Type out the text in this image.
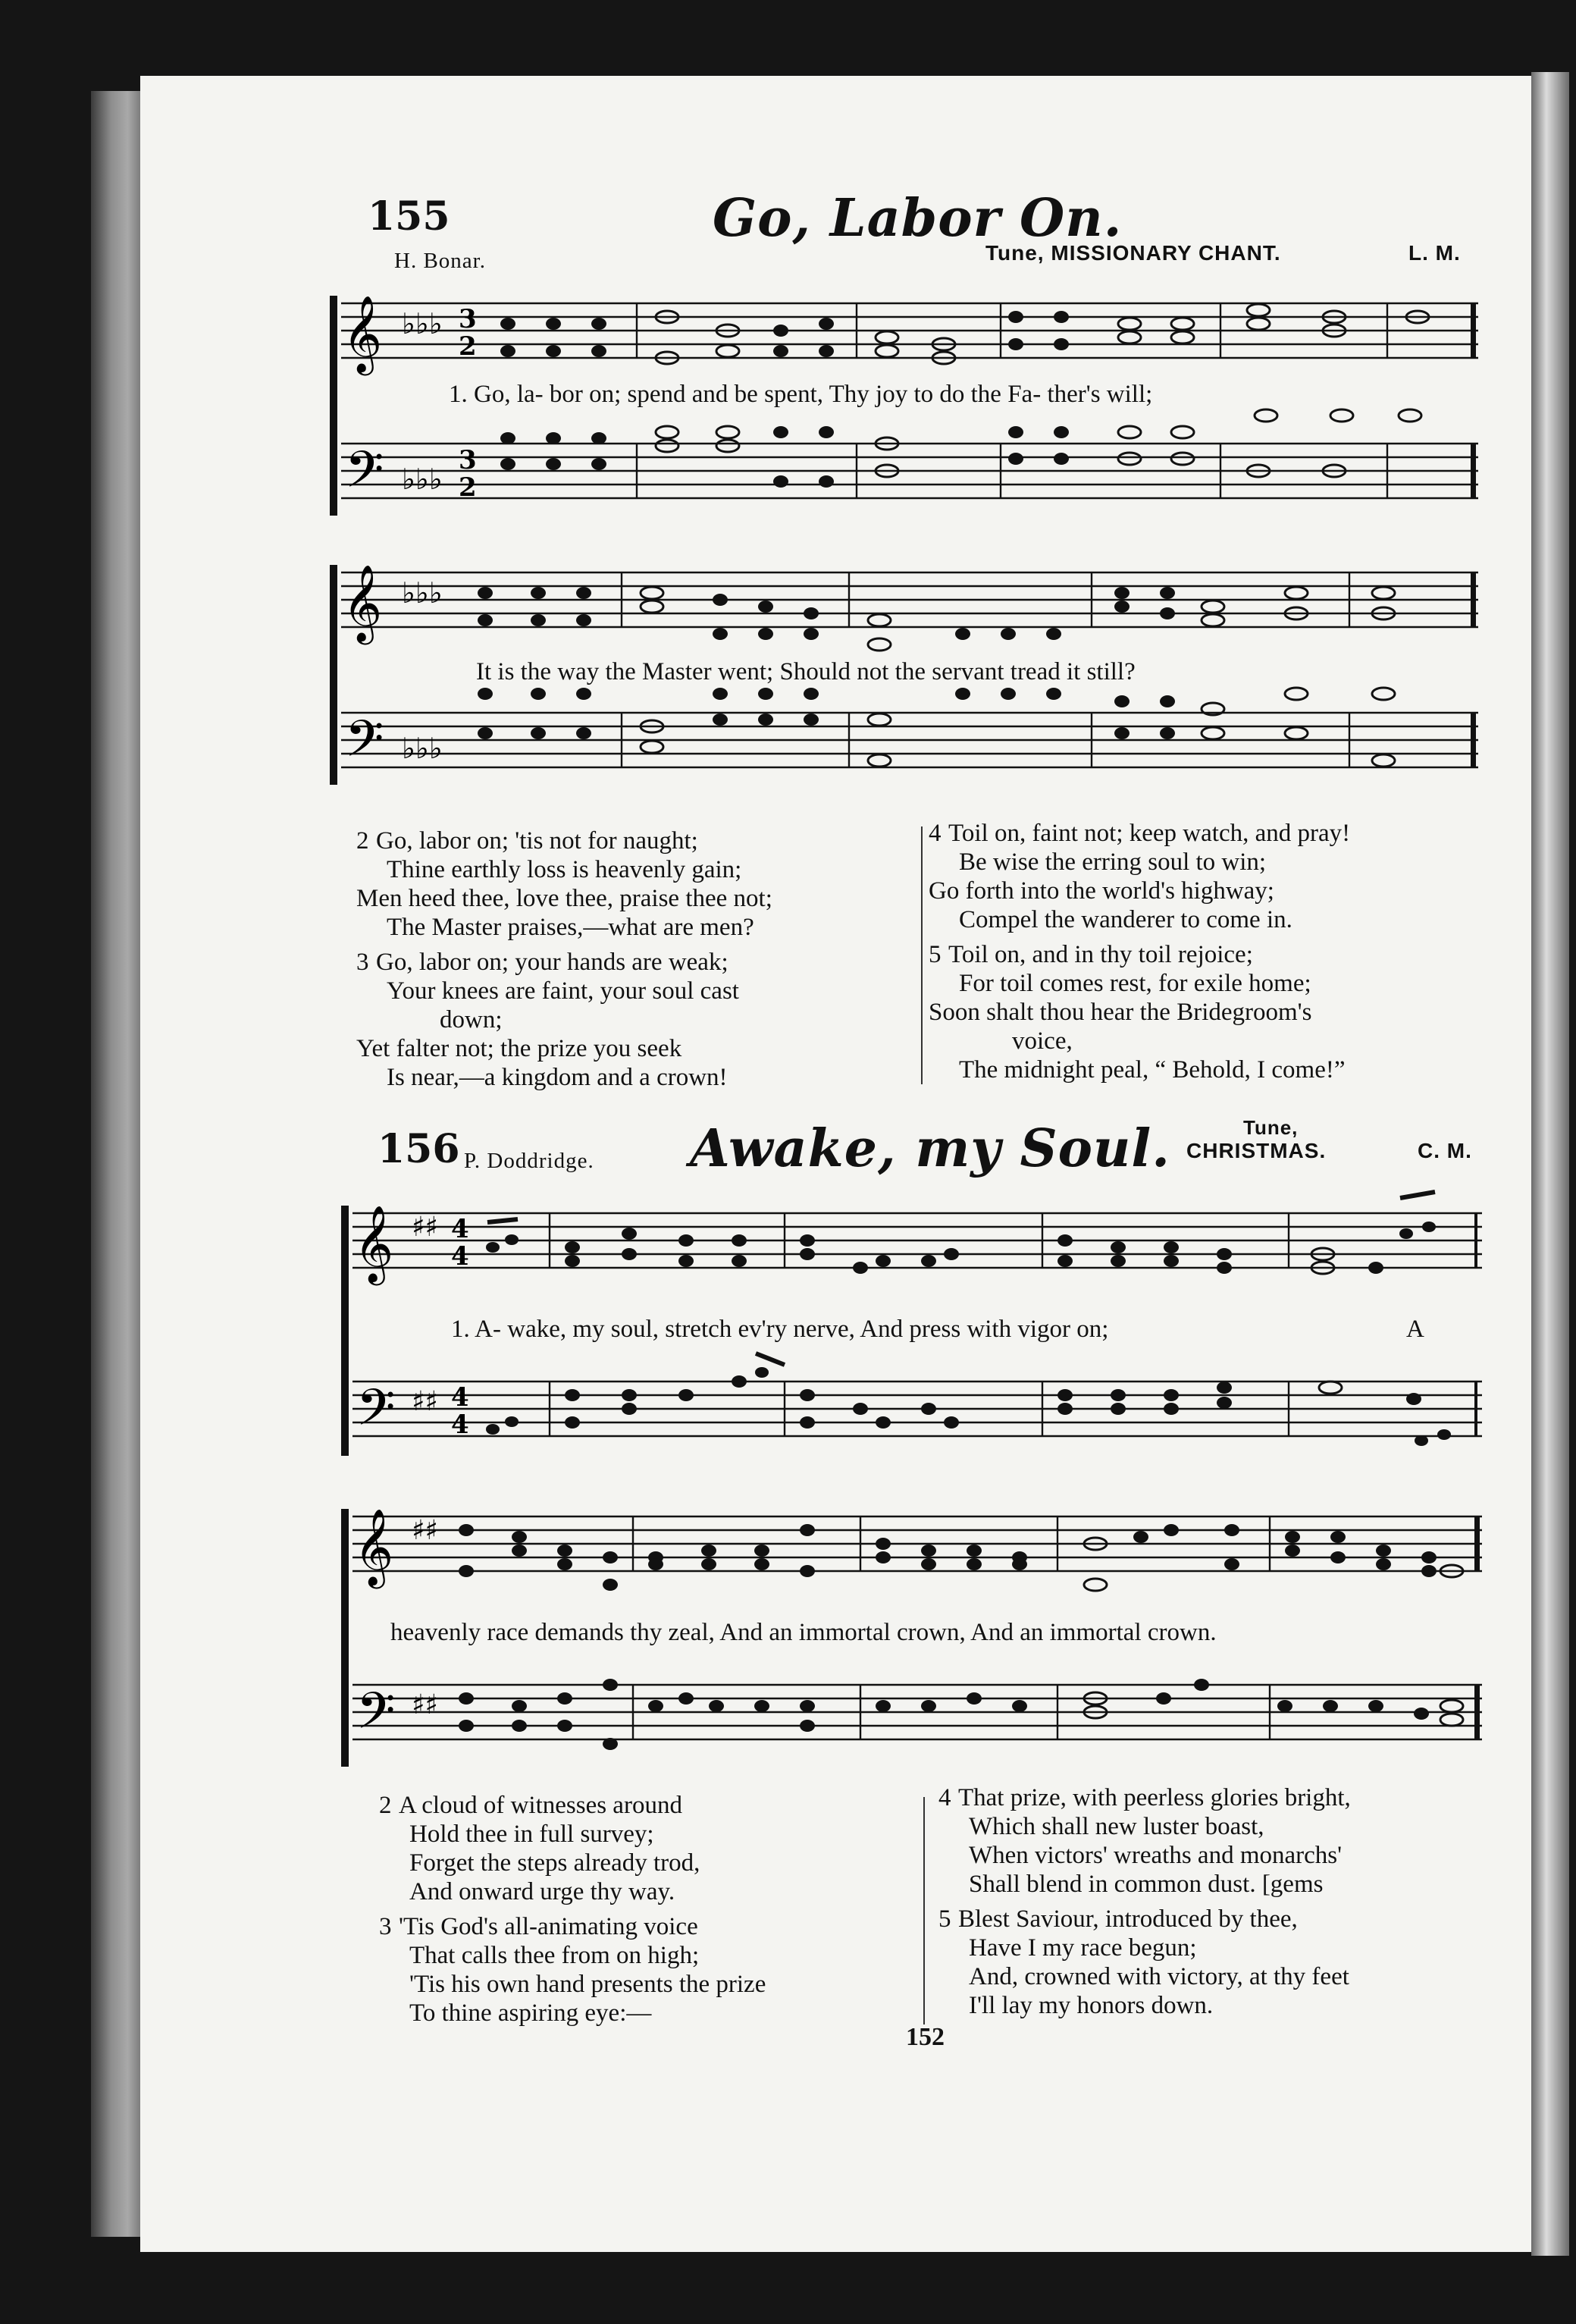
155	Go, Labor On.
H. Bonar.	Tune, MISSIONARY CHANT.	L. M.
𝄞
𝄢
♭♭♭
♭♭♭
3
2
3
2
1. Go, la- bor on; spend and be spent, Thy joy to do the Fa- ther's will;
𝄞
𝄢
♭♭♭
♭♭♭
It is the way the Master went; Should not the servant tread it still?
2 Go, labor on; 'tis not for naught;
Thine earthly loss is heavenly gain;
Men heed thee, love thee, praise thee not;
The Master praises,—what are men?
3 Go, labor on; your hands are weak;
Your knees are faint, your soul cast
down;
Yet falter not; the prize you seek
Is near,—a kingdom and a crown!
4 Toil on, faint not; keep watch, and pray!
Be wise the erring soul to win;
Go forth into the world's highway;
Compel the wanderer to come in.
5 Toil on, and in thy toil rejoice;
For toil comes rest, for exile home;
Soon shalt thou hear the Bridegroom's
voice,
The midnight peal, “ Behold, I come!”
156 P. Doddridge. Awake, my Soul.	Tune,
CHRISTMAS.	C. M.
𝄞
𝄢
♯♯
♯♯
4
4
4
4
1. A- wake, my soul, stretch ev'ry nerve, And press with vigor on;	A
𝄞
𝄢
♯♯
♯♯
heavenly race demands thy zeal, And an immortal crown, And an immortal crown.
2 A cloud of witnesses around
Hold thee in full survey;
Forget the steps already trod,
And onward urge thy way.
3 'Tis God's all-animating voice
That calls thee from on high;
'Tis his own hand presents the prize
To thine aspiring eye:—
4 That prize, with peerless glories bright,
Which shall new luster boast,
When victors' wreaths and monarchs'
Shall blend in common dust. [gems
5 Blest Saviour, introduced by thee,
Have I my race begun;
And, crowned with victory, at thy feet
I'll lay my honors down.
152
